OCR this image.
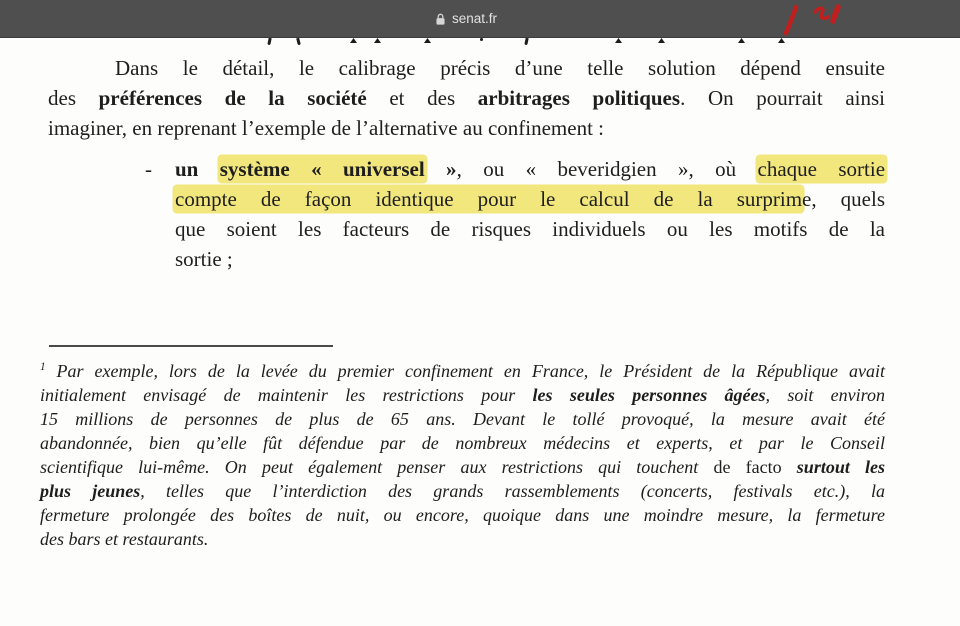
senat.fr
Dans le détail, le calibrage précis d’une telle solution dépend ensuite
des préférences de la société et des arbitrages politiques. On pourrait ainsi
imaginer, en reprenant l’exemple de l’alternative au confinement :
- un système « universel », ou « beveridgien », où chaque sortie
compte de façon identique pour le calcul de la surprime, quels
que soient les facteurs de risques individuels ou les motifs de la
sortie ;
$^1$ Par exemple, lors de la levée du premier confinement en France, le Président de la République avait
initialement envisagé de maintenir les restrictions pour les seules personnes âgées, soit environ
15 millions de personnes de plus de 65 ans. Devant le tollé provoqué, la mesure avait été
abandonnée, bien qu’elle fût défendue par de nombreux médecins et experts, et par le Conseil
scientifique lui-même. On peut également penser aux restrictions qui touchent de facto surtout les
plus jeunes, telles que l’interdiction des grands rassemblements (concerts, festivals etc.), la
fermeture prolongée des boîtes de nuit, ou encore, quoique dans une moindre mesure, la fermeture
des bars et restaurants.
